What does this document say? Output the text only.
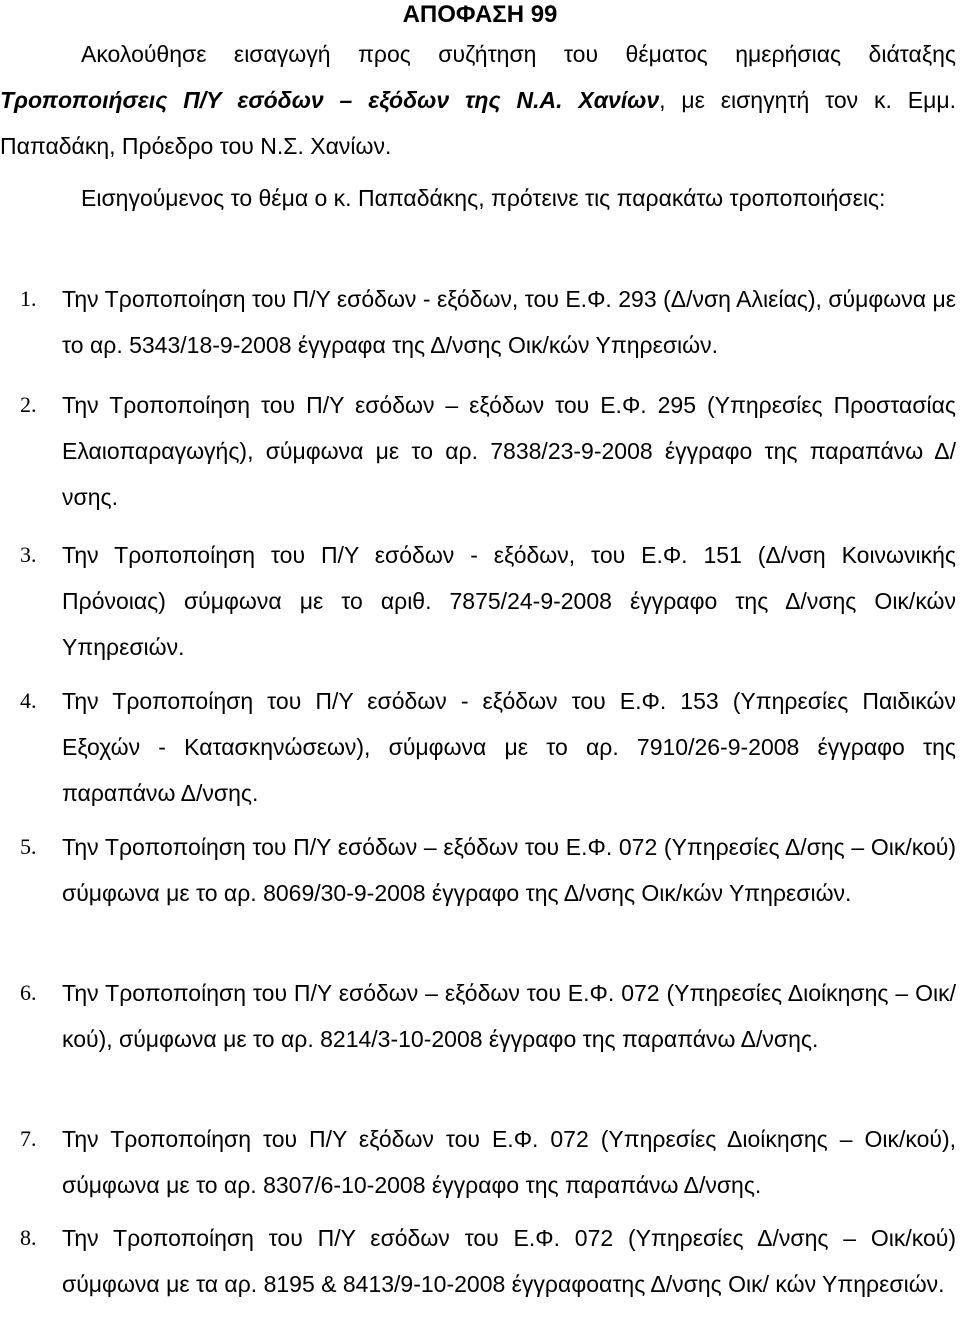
ΑΠΟΦΑΣΗ 99
Ακολούθησε εισαγωγή προς συζήτηση του θέματος ημερήσιας διάταξης Τροποποιήσεις Π/Υ εσόδων – εξόδων της Ν.Α. Χανίων, με εισηγητή τον κ. Εμμ. Παπαδάκη, Πρόεδρο του Ν.Σ. Χανίων.
Εισηγούμενος το θέμα ο κ. Παπαδάκης, πρότεινε τις παρακάτω τροποποιήσεις:
1.	Την Τροποποίηση του Π/Υ εσόδων - εξόδων, του Ε.Φ. 293 (Δ/νση Αλιείας), σύμφωνα με το αρ. 5343/18-9-2008 έγγραφα της Δ/νσης Οικ/κών Υπηρεσιών.
2.	Την Τροποποίηση του Π/Υ εσόδων – εξόδων του Ε.Φ. 295 (Υπηρεσίες Προστασίας Ελαιοπαραγωγής), σύμφωνα με το αρ. 7838/23-9-2008 έγγραφο της παραπάνω Δ/νσης.
3.	Την Τροποποίηση του Π/Υ εσόδων - εξόδων, του Ε.Φ. 151 (Δ/νση Κοινωνικής Πρόνοιας) σύμφωνα με το αριθ. 7875/24-9-2008 έγγραφο της Δ/νσης Οικ/κών Υπηρεσιών.
4.	Την Τροποποίηση του Π/Υ εσόδων - εξόδων του Ε.Φ. 153 (Υπηρεσίες Παιδικών Εξοχών - Κατασκηνώσεων), σύμφωνα με το αρ. 7910/26-9-2008 έγγραφο της παραπάνω Δ/νσης.
5.	Την Τροποποίηση του Π/Υ εσόδων – εξόδων του Ε.Φ. 072 (Υπηρεσίες Δ/σης – Οικ/κού) σύμφωνα με το αρ. 8069/30-9-2008 έγγραφο της Δ/νσης Οικ/κών Υπηρεσιών.
6.	Την Τροποποίηση του Π/Υ εσόδων – εξόδων του Ε.Φ. 072 (Υπηρεσίες Διοίκησης – Οικ/κού), σύμφωνα με το αρ. 8214/3-10-2008 έγγραφο της παραπάνω Δ/νσης.
7.	Την Τροποποίηση του Π/Υ εξόδων του Ε.Φ. 072 (Υπηρεσίες Διοίκησης – Οικ/κού), σύμφωνα με το αρ. 8307/6-10-2008 έγγραφο της παραπάνω Δ/νσης.
8.	Την Τροποποίηση του Π/Υ εσόδων του Ε.Φ. 072 (Υπηρεσίες Δ/νσης – Οικ/κού) σύμφωνα με τα αρ. 8195 & 8413/9-10-2008 έγγραφοατης Δ/νσης Οικ/ κών Υπηρεσιών.
